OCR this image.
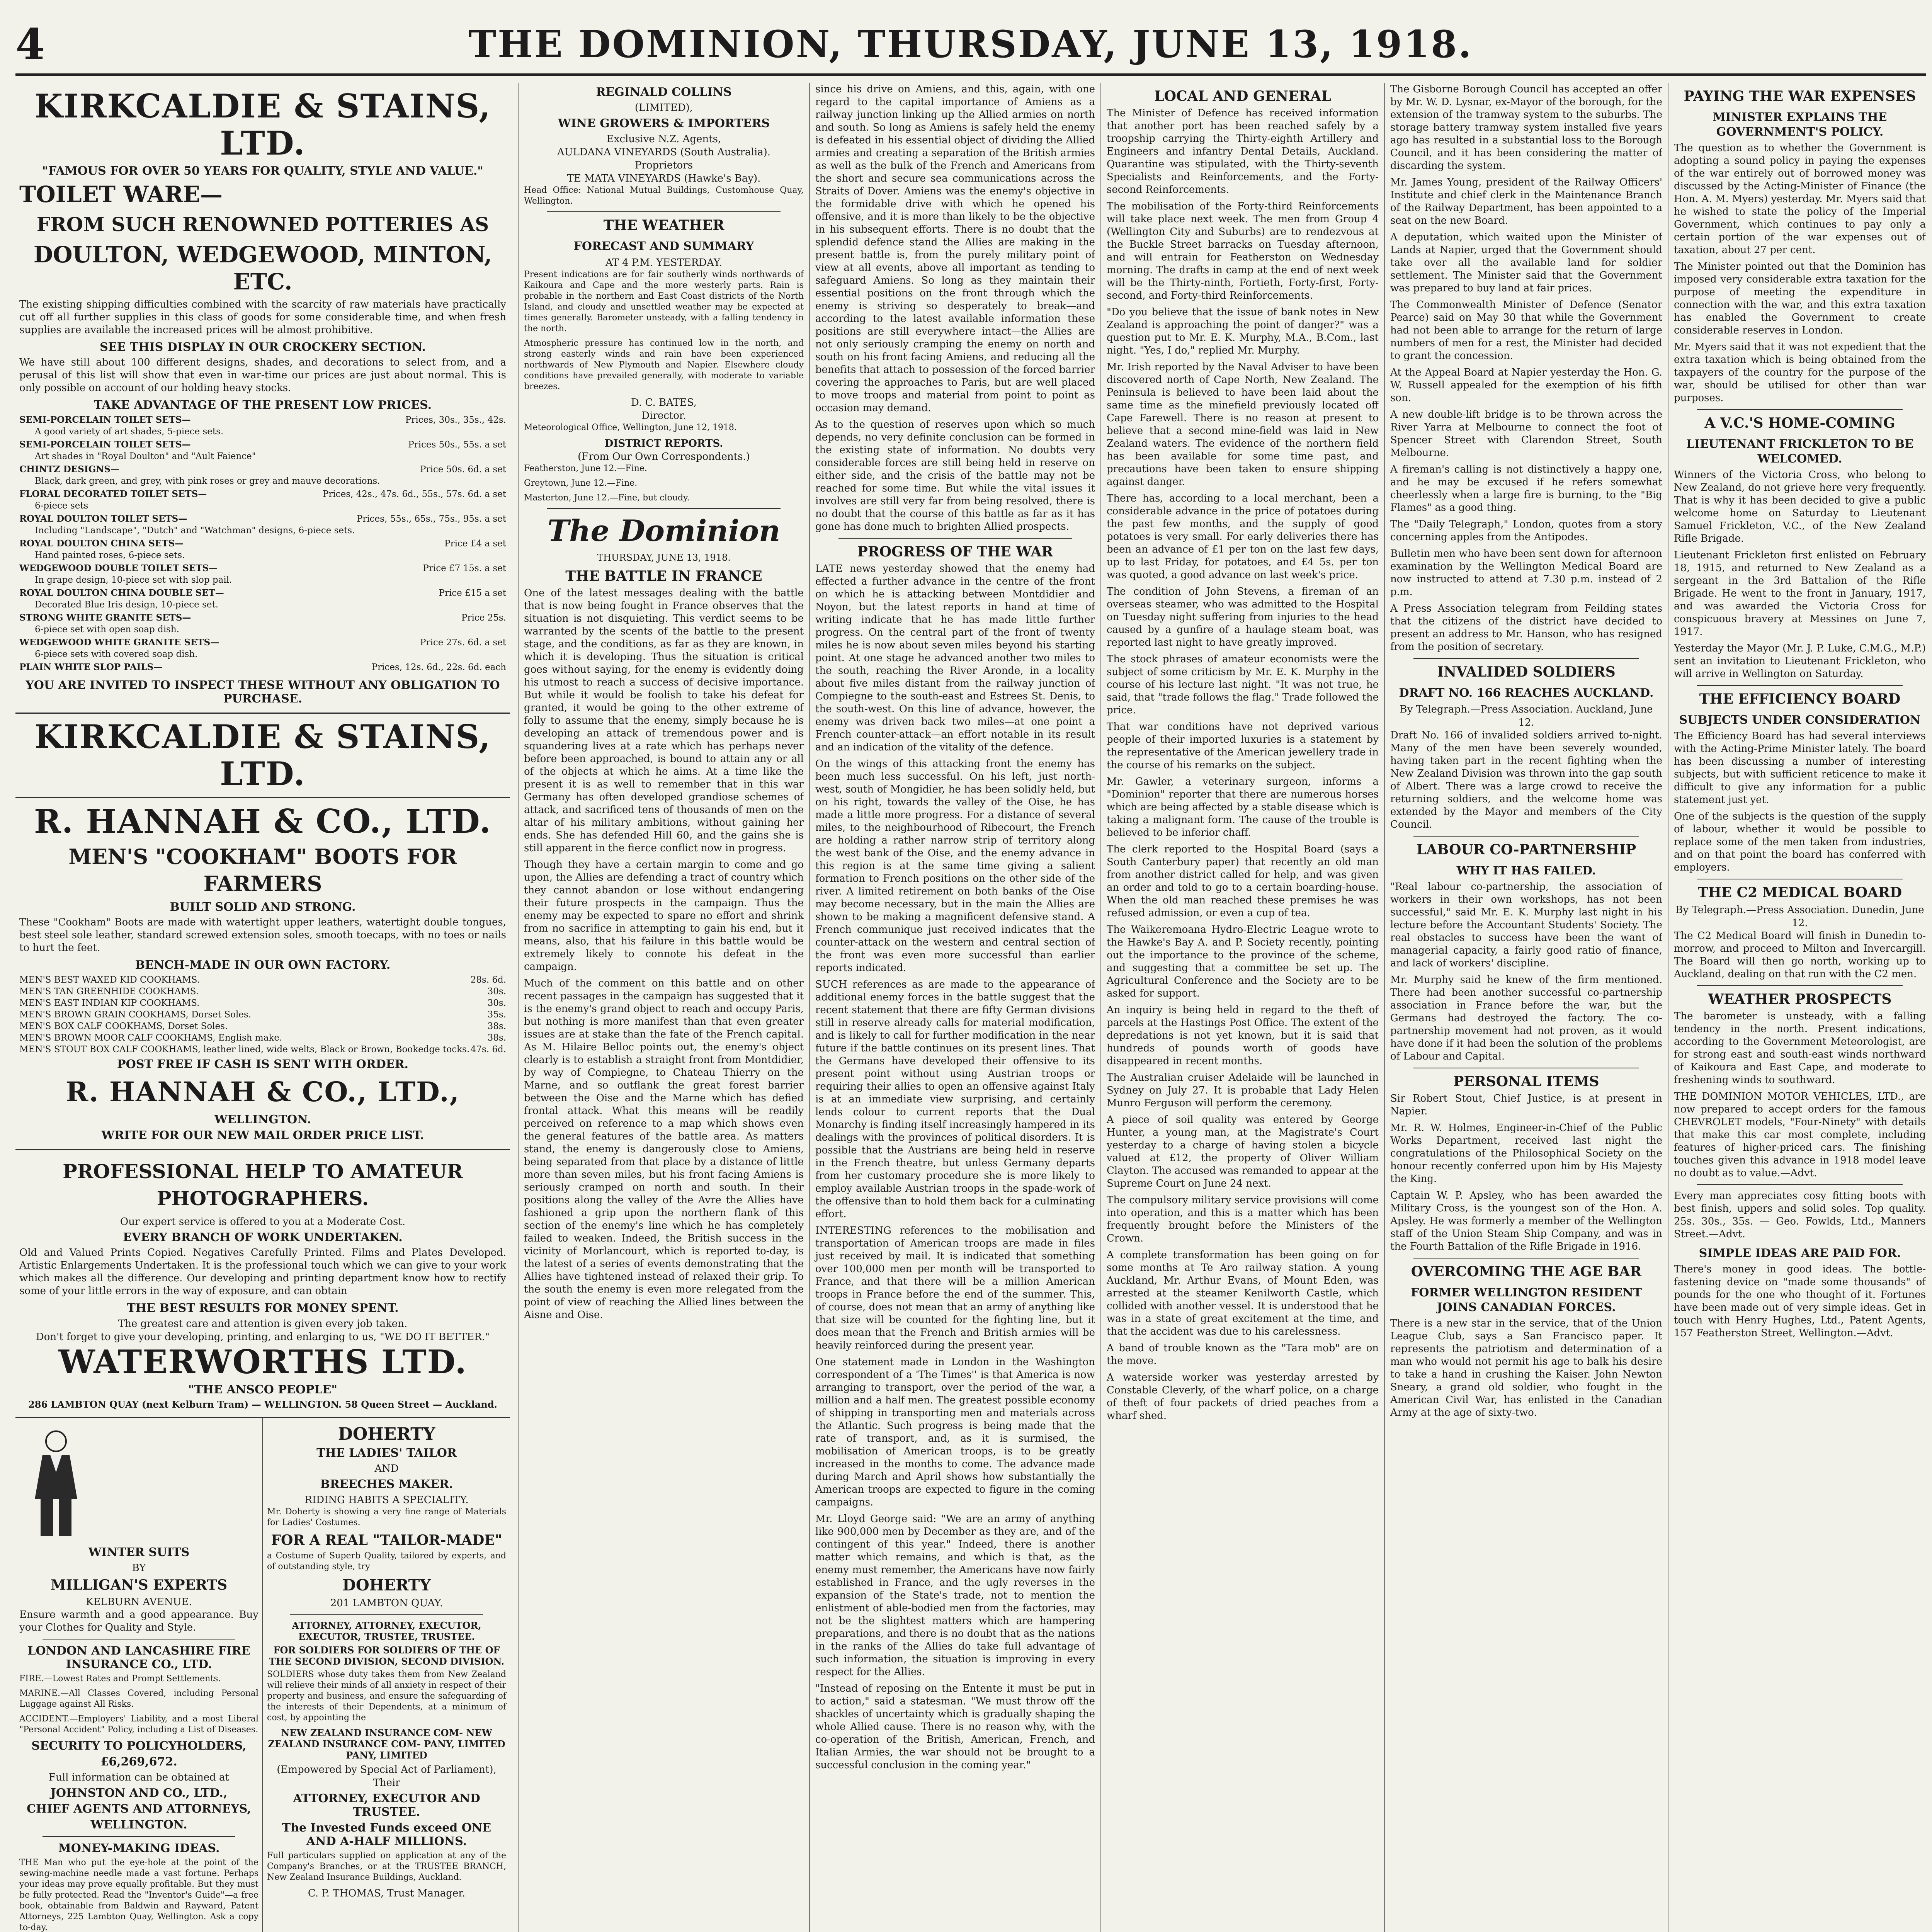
4	THE DOMINION, THURSDAY, JUNE 13, 1918.
KIRKCALDIE & STAINS, LTD.
"FAMOUS FOR OVER 50 YEARS FOR QUALITY, STYLE AND VALUE."
TOILET WARE—
FROM SUCH RENOWNED POTTERIES AS
DOULTON, WEDGEWOOD, MINTON, ETC.

The existing shipping difficulties combined with the scarcity of raw materials have practically cut off all further supplies in this class of goods for some considerable time, and when fresh supplies are available the increased prices will be almost prohibitive.

SEE THIS DISPLAY IN OUR CROCKERY SECTION.

We have still about 100 different designs, shades, and decorations to select from, and a perusal of this list will show that even in war-time our prices are just about normal. This is only possible on account of our holding heavy stocks.

TAKE ADVANTAGE OF THE PRESENT LOW PRICES.
SEMI-PORCELAIN TOILET SETS—	Prices, 30s., 35s., 42s.
A good variety of art shades, 5-piece sets.
SEMI-PORCELAIN TOILET SETS—	Prices 50s., 55s. a set
Art shades in "Royal Doulton" and "Ault Faience"
CHINTZ DESIGNS—	Price 50s. 6d. a set
Black, dark green, and grey, with pink roses or grey and mauve decorations.
FLORAL DECORATED TOILET SETS—	Prices, 42s., 47s. 6d., 55s., 57s. 6d. a set
6-piece sets
ROYAL DOULTON TOILET SETS—	Prices, 55s., 65s., 75s., 95s. a set
Including "Landscape", "Dutch" and "Watchman" designs, 6-piece sets.
ROYAL DOULTON CHINA SETS—	Price £4 a set
Hand painted roses, 6-piece sets.
WEDGEWOOD DOUBLE TOILET SETS—	Price £7 15s. a set
In grape design, 10-piece set with slop pail.
ROYAL DOULTON CHINA DOUBLE SET—	Price £15 a set
Decorated Blue Iris design, 10-piece set.
STRONG WHITE GRANITE SETS—	Price 25s.
6-piece set with open soap dish.
WEDGEWOOD WHITE GRANITE SETS—	Price 27s. 6d. a set
6-piece sets with covered soap dish.
PLAIN WHITE SLOP PAILS—	Prices, 12s. 6d., 22s. 6d. each
YOU ARE INVITED TO INSPECT THESE WITHOUT ANY OBLIGATION TO PURCHASE.
KIRKCALDIE & STAINS, LTD.
R. HANNAH & CO., LTD.
MEN'S "COOKHAM" BOOTS FOR FARMERS
BUILT SOLID AND STRONG.

These "Cookham" Boots are made with watertight upper leathers, watertight double tongues, best steel sole leather, standard screwed extension soles, smooth toecaps, with no toes or nails to hurt the feet.

BENCH-MADE IN OUR OWN FACTORY.
MEN'S BEST WAXED KID COOKHAMS.	28s. 6d.
MEN'S TAN GREENHIDE COOKHAMS.	30s.
MEN'S EAST INDIAN KIP COOKHAMS.	30s.
MEN'S BROWN GRAIN COOKHAMS, Dorset Soles.	35s.
MEN'S BOX CALF COOKHAMS, Dorset Soles.	38s.
MEN'S BROWN MOOR CALF COOKHAMS, English make.	38s.
MEN'S STOUT BOX CALF COOKHAMS, leather lined, wide welts, Black or Brown, Bookedge tocks. 47s. 6d.
POST FREE IF CASH IS SENT WITH ORDER.
R. HANNAH & CO., LTD.,
WELLINGTON.
WRITE FOR OUR NEW MAIL ORDER PRICE LIST.
PROFESSIONAL HELP TO AMATEUR PHOTOGRAPHERS.
Our expert service is offered to you at a Moderate Cost.
EVERY BRANCH OF WORK UNDERTAKEN.

Old and Valued Prints Copied. Negatives Carefully Printed. Films and Plates Developed. Artistic Enlargements Undertaken. It is the professional touch which we can give to your work which makes all the difference. Our developing and printing department know how to rectify some of your little errors in the way of exposure, and can obtain

THE BEST RESULTS FOR MONEY SPENT.
The greatest care and attention is given every job taken.
Don't forget to give your developing, printing, and enlarging to us, "WE DO IT BETTER."
WATERWORTHS LTD.
"THE ANSCO PEOPLE"
286 LAMBTON QUAY (next Kelburn Tram) — WELLINGTON. 58 Queen Street — Auckland.
WINTER SUITS
BY
MILLIGAN'S EXPERTS
KELBURN AVENUE.

Ensure warmth and a good appearance. Buy your Clothes for Quality and Style.

LONDON AND LANCASHIRE FIRE INSURANCE CO., LTD.

FIRE.—Lowest Rates and Prompt Settlements.

MARINE.—All Classes Covered, including Personal Luggage against All Risks.

ACCIDENT.—Employers' Liability, and a most Liberal "Personal Accident" Policy, including a List of Diseases.

SECURITY TO POLICYHOLDERS,
£6,269,672.
Full information can be obtained at
JOHNSTON AND CO., LTD.,
CHIEF AGENTS AND ATTORNEYS,
WELLINGTON.
MONEY-MAKING IDEAS.

THE Man who put the eye-hole at the point of the sewing-machine needle made a vast fortune. Perhaps your ideas may prove equally profitable. But they must be fully protected. Read the "Inventor's Guide"—a free book, obtainable from Baldwin and Rayward, Patent Attorneys, 225 Lambton Quay, Wellington. Ask a copy to-day.

DOHERTY
THE LADIES' TAILOR
AND
BREECHES MAKER.
RIDING HABITS A SPECIALITY.

Mr. Doherty is showing a very fine range of Materials for Ladies' Costumes.

FOR A REAL "TAILOR-MADE"

a Costume of Superb Quality, tailored by experts, and of outstanding style, try

DOHERTY
201 LAMBTON QUAY.
ATTORNEY, ATTORNEY, EXECUTOR, EXECUTOR, TRUSTEE, TRUSTEE.
FOR SOLDIERS FOR SOLDIERS OF THE OF THE SECOND DIVISION, SECOND DIVISION.

SOLDIERS whose duty takes them from New Zealand will relieve their minds of all anxiety in respect of their property and business, and ensure the safeguarding of the interests of their Dependents, at a minimum of cost, by appointing the

NEW ZEALAND INSURANCE COM- NEW ZEALAND INSURANCE COM- PANY, LIMITED PANY, LIMITED
(Empowered by Special Act of Parliament),
Their
ATTORNEY, EXECUTOR AND TRUSTEE.
The Invested Funds exceed ONE AND A-HALF MILLIONS.

Full particulars supplied on application at any of the Company's Branches, or at the TRUSTEE BRANCH, New Zealand Insurance Buildings, Auckland.

C. P. THOMAS, Trust Manager.
REGINALD COLLINS
(LIMITED),
WINE GROWERS & IMPORTERS
Exclusive N.Z. Agents,
AULDANA VINEYARDS (South Australia).
Proprietors
TE MATA VINEYARDS (Hawke's Bay).

Head Office: National Mutual Buildings, Customhouse Quay, Wellington.

THE WEATHER
FORECAST AND SUMMARY
AT 4 P.M. YESTERDAY.

Present indications are for fair southerly winds northwards of Kaikoura and Cape and the more westerly parts. Rain is probable in the northern and East Coast districts of the North Island, and cloudy and unsettled weather may be expected at times generally. Barometer unsteady, with a falling tendency in the north.

Atmospheric pressure has continued low in the north, and strong easterly winds and rain have been experienced northwards of New Plymouth and Napier. Elsewhere cloudy conditions have prevailed generally, with moderate to variable breezes.

D. C. BATES,
Director.

Meteorological Office, Wellington, June 12, 1918.

DISTRICT REPORTS.
(From Our Own Correspondents.)

Featherston, June 12.—Fine.

Greytown, June 12.—Fine.

Masterton, June 12.—Fine, but cloudy.

The Dominion
THURSDAY, JUNE 13, 1918.
THE BATTLE IN FRANCE

One of the latest messages dealing with the battle that is now being fought in France observes that the situation is not disquieting. This verdict seems to be warranted by the scents of the battle to the present stage, and the conditions, as far as they are known, in which it is developing. Thus the situation is critical goes without saying, for the enemy is evidently doing his utmost to reach a success of decisive importance. But while it would be foolish to take his defeat for granted, it would be going to the other extreme of folly to assume that the enemy, simply because he is developing an attack of tremendous power and is squandering lives at a rate which has perhaps never before been approached, is bound to attain any or all of the objects at which he aims. At a time like the present it is as well to remember that in this war Germany has often developed grandiose schemes of attack, and sacrificed tens of thousands of men on the altar of his military ambitions, without gaining her ends. She has defended Hill 60, and the gains she is still apparent in the fierce conflict now in progress.

Though they have a certain margin to come and go upon, the Allies are defending a tract of country which they cannot abandon or lose without endangering their future prospects in the campaign. Thus the enemy may be expected to spare no effort and shrink from no sacrifice in attempting to gain his end, but it means, also, that his failure in this battle would be extremely likely to connote his defeat in the campaign.

Much of the comment on this battle and on other recent passages in the campaign has suggested that it is the enemy's grand object to reach and occupy Paris, but nothing is more manifest than that even greater issues are at stake than the fate of the French capital. As M. Hilaire Belloc points out, the enemy's object clearly is to establish a straight front from Montdidier, by way of Compiegne, to Chateau Thierry on the Marne, and so outflank the great forest barrier between the Oise and the Marne which has defied frontal attack. What this means will be readily perceived on reference to a map which shows even the general features of the battle area. As matters stand, the enemy is dangerously close to Amiens, being separated from that place by a distance of little more than seven miles, but his front facing Amiens is seriously cramped on north and south. In their positions along the valley of the Avre the Allies have fashioned a grip upon the northern flank of this section of the enemy's line which he has completely failed to weaken. Indeed, the British success in the vicinity of Morlancourt, which is reported to-day, is the latest of a series of events demonstrating that the Allies have tightened instead of relaxed their grip. To the south the enemy is even more relegated from the point of view of reaching the Allied lines between the Aisne and Oise.

since his drive on Amiens, and this, again, with one regard to the capital importance of Amiens as a railway junction linking up the Allied armies on north and south. So long as Amiens is safely held the enemy is defeated in his essential object of dividing the Allied armies and creating a separation of the British armies as well as the bulk of the French and Americans from the short and secure sea communications across the Straits of Dover. Amiens was the enemy's objective in the formidable drive with which he opened his offensive, and it is more than likely to be the objective in his subsequent efforts. There is no doubt that the splendid defence stand the Allies are making in the present battle is, from the purely military point of view at all events, above all important as tending to safeguard Amiens. So long as they maintain their essential positions on the front through which the enemy is striving so desperately to break—and according to the latest available information these positions are still everywhere intact—the Allies are not only seriously cramping the enemy on north and south on his front facing Amiens, and reducing all the benefits that attach to possession of the forced barrier covering the approaches to Paris, but are well placed to move troops and material from point to point as occasion may demand.

As to the question of reserves upon which so much depends, no very definite conclusion can be formed in the existing state of information. No doubts very considerable forces are still being held in reserve on either side, and the crisis of the battle may not be reached for some time. But while the vital issues it involves are still very far from being resolved, there is no doubt that the course of this battle as far as it has gone has done much to brighten Allied prospects.

PROGRESS OF THE WAR

LATE news yesterday showed that the enemy had effected a further advance in the centre of the front on which he is attacking between Montdidier and Noyon, but the latest reports in hand at time of writing indicate that he has made little further progress. On the central part of the front of twenty miles he is now about seven miles beyond his starting point. At one stage he advanced another two miles to the south, reaching the River Aronde, in a locality about five miles distant from the railway junction of Compiegne to the south-east and Estrees St. Denis, to the south-west. On this line of advance, however, the enemy was driven back two miles—at one point a French counter-attack—an effort notable in its result and an indication of the vitality of the defence.

On the wings of this attacking front the enemy has been much less successful. On his left, just north-west, south of Mongidier, he has been solidly held, but on his right, towards the valley of the Oise, he has made a little more progress. For a distance of several miles, to the neighbourhood of Ribecourt, the French are holding a rather narrow strip of territory along the west bank of the Oise, and the enemy advance in this region is at the same time giving a salient formation to French positions on the other side of the river. A limited retirement on both banks of the Oise may become necessary, but in the main the Allies are shown to be making a magnificent defensive stand. A French communique just received indicates that the counter-attack on the western and central section of the front was even more successful than earlier reports indicated.

SUCH references as are made to the appearance of additional enemy forces in the battle suggest that the recent statement that there are fifty German divisions still in reserve already calls for material modification, and is likely to call for further modification in the near future if the battle continues on its present lines. That the Germans have developed their offensive to its present point without using Austrian troops or requiring their allies to open an offensive against Italy is at an immediate view surprising, and certainly lends colour to current reports that the Dual Monarchy is finding itself increasingly hampered in its dealings with the provinces of political disorders. It is possible that the Austrians are being held in reserve in the French theatre, but unless Germany departs from her customary procedure she is more likely to employ available Austrian troops in the spade-work of the offensive than to hold them back for a culminating effort.

INTERESTING references to the mobilisation and transportation of American troops are made in files just received by mail. It is indicated that something over 100,000 men per month will be transported to France, and that there will be a million American troops in France before the end of the summer. This, of course, does not mean that an army of anything like that size will be counted for the fighting line, but it does mean that the French and British armies will be heavily reinforced during the present year.

One statement made in London in the Washington correspondent of a 'The Times'' is that America is now arranging to transport, over the period of the war, a million and a half men. The greatest possible economy of shipping in transporting men and materials across the Atlantic. Such progress is being made that the rate of transport, and, as it is surmised, the mobilisation of American troops, is to be greatly increased in the months to come. The advance made during March and April shows how substantially the American troops are expected to figure in the coming campaigns.

Mr. Lloyd George said: "We are an army of anything like 900,000 men by December as they are, and of the contingent of this year." Indeed, there is another matter which remains, and which is that, as the enemy must remember, the Americans have now fairly established in France, and the ugly reverses in the expansion of the State's trade, not to mention the enlistment of able-bodied men from the factories, may not be the slightest matters which are hampering preparations, and there is no doubt that as the nations in the ranks of the Allies do take full advantage of such information, the situation is improving in every respect for the Allies.

"Instead of reposing on the Entente it must be put in to action," said a statesman. "We must throw off the shackles of uncertainty which is gradually shaping the whole Allied cause. There is no reason why, with the co-operation of the British, American, French, and Italian Armies, the war should not be brought to a successful conclusion in the coming year."

LOCAL AND GENERAL

The Minister of Defence has received information that another port has been reached safely by a troopship carrying the Thirty-eighth Artillery and Engineers and infantry Dental Details, Auckland. Quarantine was stipulated, with the Thirty-seventh Specialists and Reinforcements, and the Forty-second Reinforcements.

The mobilisation of the Forty-third Reinforcements will take place next week. The men from Group 4 (Wellington City and Suburbs) are to rendezvous at the Buckle Street barracks on Tuesday afternoon, and will entrain for Featherston on Wednesday morning. The drafts in camp at the end of next week will be the Thirty-ninth, Fortieth, Forty-first, Forty-second, and Forty-third Reinforcements.

"Do you believe that the issue of bank notes in New Zealand is approaching the point of danger?" was a question put to Mr. E. K. Murphy, M.A., B.Com., last night. "Yes, I do," replied Mr. Murphy.

Mr. Irish reported by the Naval Adviser to have been discovered north of Cape North, New Zealand. The Peninsula is believed to have been laid about the same time as the minefield previously located off Cape Farewell. There is no reason at present to believe that a second mine-field was laid in New Zealand waters. The evidence of the northern field has been available for some time past, and precautions have been taken to ensure shipping against danger.

There has, according to a local merchant, been a considerable advance in the price of potatoes during the past few months, and the supply of good potatoes is very small. For early deliveries there has been an advance of £1 per ton on the last few days, up to last Friday, for potatoes, and £4 5s. per ton was quoted, a good advance on last week's price.

The condition of John Stevens, a fireman of an overseas steamer, who was admitted to the Hospital on Tuesday night suffering from injuries to the head caused by a gunfire of a haulage steam boat, was reported last night to have greatly improved.

The stock phrases of amateur economists were the subject of some criticism by Mr. E. K. Murphy in the course of his lecture last night. "It was not true, he said, that "trade follows the flag." Trade followed the price.

That war conditions have not deprived various people of their imported luxuries is a statement by the representative of the American jewellery trade in the course of his remarks on the subject.

Mr. Gawler, a veterinary surgeon, informs a "Dominion" reporter that there are numerous horses which are being affected by a stable disease which is taking a malignant form. The cause of the trouble is believed to be inferior chaff.

The clerk reported to the Hospital Board (says a South Canterbury paper) that recently an old man from another district called for help, and was given an order and told to go to a certain boarding-house. When the old man reached these premises he was refused admission, or even a cup of tea.

The Waikeremoana Hydro-Electric League wrote to the Hawke's Bay A. and P. Society recently, pointing out the importance to the province of the scheme, and suggesting that a committee be set up. The Agricultural Conference and the Society are to be asked for support.

An inquiry is being held in regard to the theft of parcels at the Hastings Post Office. The extent of the depredations is not yet known, but it is said that hundreds of pounds worth of goods have disappeared in recent months.

The Australian cruiser Adelaide will be launched in Sydney on July 27. It is probable that Lady Helen Munro Ferguson will perform the ceremony.

A piece of soil quality was entered by George Hunter, a young man, at the Magistrate's Court yesterday to a charge of having stolen a bicycle valued at £12, the property of Oliver William Clayton. The accused was remanded to appear at the Supreme Court on June 24 next.

The compulsory military service provisions will come into operation, and this is a matter which has been frequently brought before the Ministers of the Crown.

A complete transformation has been going on for some months at Te Aro railway station. A young Auckland, Mr. Arthur Evans, of Mount Eden, was arrested at the steamer Kenilworth Castle, which collided with another vessel. It is understood that he was in a state of great excitement at the time, and that the accident was due to his carelessness.

A band of trouble known as the "Tara mob" are on the move.

A waterside worker was yesterday arrested by Constable Cleverly, of the wharf police, on a charge of theft of four packets of dried peaches from a wharf shed.

The Gisborne Borough Council has accepted an offer by Mr. W. D. Lysnar, ex-Mayor of the borough, for the extension of the tramway system to the suburbs. The storage battery tramway system installed five years ago has resulted in a substantial loss to the Borough Council, and it has been considering the matter of discarding the system.

Mr. James Young, president of the Railway Officers' Institute and chief clerk in the Maintenance Branch of the Railway Department, has been appointed to a seat on the new Board.

A deputation, which waited upon the Minister of Lands at Napier, urged that the Government should take over all the available land for soldier settlement. The Minister said that the Government was prepared to buy land at fair prices.

The Commonwealth Minister of Defence (Senator Pearce) said on May 30 that while the Government had not been able to arrange for the return of large numbers of men for a rest, the Minister had decided to grant the concession.

At the Appeal Board at Napier yesterday the Hon. G. W. Russell appealed for the exemption of his fifth son.

A new double-lift bridge is to be thrown across the River Yarra at Melbourne to connect the foot of Spencer Street with Clarendon Street, South Melbourne.

A fireman's calling is not distinctively a happy one, and he may be excused if he refers somewhat cheerlessly when a large fire is burning, to the "Big Flames" as a good thing.

The "Daily Telegraph," London, quotes from a story concerning apples from the Antipodes.

Bulletin men who have been sent down for afternoon examination by the Wellington Medical Board are now instructed to attend at 7.30 p.m. instead of 2 p.m.

A Press Association telegram from Feilding states that the citizens of the district have decided to present an address to Mr. Hanson, who has resigned from the position of secretary.

INVALIDED SOLDIERS
DRAFT NO. 166 REACHES AUCKLAND.
By Telegraph.—Press Association. Auckland, June 12.

Draft No. 166 of invalided soldiers arrived to-night. Many of the men have been severely wounded, having taken part in the recent fighting when the New Zealand Division was thrown into the gap south of Albert. There was a large crowd to receive the returning soldiers, and the welcome home was extended by the Mayor and members of the City Council.

LABOUR CO-PARTNERSHIP
WHY IT HAS FAILED.

"Real labour co-partnership, the association of workers in their own workshops, has not been successful," said Mr. E. K. Murphy last night in his lecture before the Accountant Students' Society. The real obstacles to success have been the want of managerial capacity, a fairly good ratio of finance, and lack of workers' discipline.

Mr. Murphy said he knew of the firm mentioned. There had been another successful co-partnership association in France before the war, but the Germans had destroyed the factory. The co-partnership movement had not proven, as it would have done if it had been the solution of the problems of Labour and Capital.

PERSONAL ITEMS

Sir Robert Stout, Chief Justice, is at present in Napier.

Mr. R. W. Holmes, Engineer-in-Chief of the Public Works Department, received last night the congratulations of the Philosophical Society on the honour recently conferred upon him by His Majesty the King.

Captain W. P. Apsley, who has been awarded the Military Cross, is the youngest son of the Hon. A. Apsley. He was formerly a member of the Wellington staff of the Union Steam Ship Company, and was in the Fourth Battalion of the Rifle Brigade in 1916.

OVERCOMING THE AGE BAR
FORMER WELLINGTON RESIDENT JOINS CANADIAN FORCES.

There is a new star in the service, that of the Union League Club, says a San Francisco paper. It represents the patriotism and determination of a man who would not permit his age to balk his desire to take a hand in crushing the Kaiser. John Newton Sneary, a grand old soldier, who fought in the American Civil War, has enlisted in the Canadian Army at the age of sixty-two.

PAYING THE WAR EXPENSES
MINISTER EXPLAINS THE GOVERNMENT'S POLICY.

The question as to whether the Government is adopting a sound policy in paying the expenses of the war entirely out of borrowed money was discussed by the Acting-Minister of Finance (the Hon. A. M. Myers) yesterday. Mr. Myers said that he wished to state the policy of the Imperial Government, which continues to pay only a certain portion of the war expenses out of taxation, about 27 per cent.

The Minister pointed out that the Dominion has imposed very considerable extra taxation for the purpose of meeting the expenditure in connection with the war, and this extra taxation has enabled the Government to create considerable reserves in London.

Mr. Myers said that it was not expedient that the extra taxation which is being obtained from the taxpayers of the country for the purpose of the war, should be utilised for other than war purposes.

A V.C.'S HOME-COMING
LIEUTENANT FRICKLETON TO BE WELCOMED.

Winners of the Victoria Cross, who belong to New Zealand, do not grieve here very frequently. That is why it has been decided to give a public welcome home on Saturday to Lieutenant Samuel Frickleton, V.C., of the New Zealand Rifle Brigade.

Lieutenant Frickleton first enlisted on February 18, 1915, and returned to New Zealand as a sergeant in the 3rd Battalion of the Rifle Brigade. He went to the front in January, 1917, and was awarded the Victoria Cross for conspicuous bravery at Messines on June 7, 1917.

Yesterday the Mayor (Mr. J. P. Luke, C.M.G., M.P.) sent an invitation to Lieutenant Frickleton, who will arrive in Wellington on Saturday.

THE EFFICIENCY BOARD
SUBJECTS UNDER CONSIDERATION

The Efficiency Board has had several interviews with the Acting-Prime Minister lately. The board has been discussing a number of interesting subjects, but with sufficient reticence to make it difficult to give any information for a public statement just yet.

One of the subjects is the question of the supply of labour, whether it would be possible to replace some of the men taken from industries, and on that point the board has conferred with employers.

THE C2 MEDICAL BOARD
By Telegraph.—Press Association. Dunedin, June 12.

The C2 Medical Board will finish in Dunedin to-morrow, and proceed to Milton and Invercargill. The Board will then go north, working up to Auckland, dealing on that run with the C2 men.

WEATHER PROSPECTS

The barometer is unsteady, with a falling tendency in the north. Present indications, according to the Government Meteorologist, are for strong east and south-east winds northward of Kaikoura and East Cape, and moderate to freshening winds to southward.

THE DOMINION MOTOR VEHICLES, LTD., are now prepared to accept orders for the famous CHEVROLET models, "Four-Ninety" with details that make this car most complete, including features of higher-priced cars. The finishing touches given this advance in 1918 model leave no doubt as to value.—Advt.

Every man appreciates cosy fitting boots with best finish, uppers and solid soles. Top quality. 25s. 30s., 35s. — Geo. Fowlds, Ltd., Manners Street.—Advt.

SIMPLE IDEAS ARE PAID FOR.

There's money in good ideas. The bottle-fastening device on "made some thousands" of pounds for the one who thought of it. Fortunes have been made out of very simple ideas. Get in touch with Henry Hughes, Ltd., Patent Agents, 157 Featherston Street, Wellington.—Advt.
